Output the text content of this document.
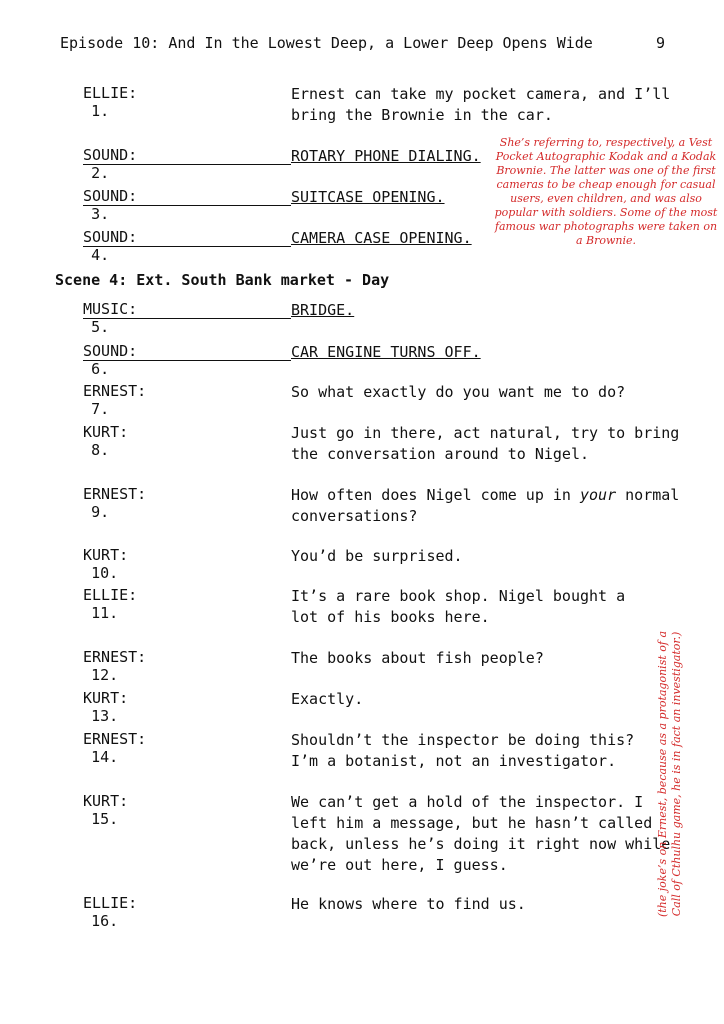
Episode 10: And In the Lowest Deep, a Lower Deep Opens Wide	9

1.

ELLIE:

	Ernest can take my pocket camera, and I’ll bring the Brownie in the car.

2.

SOUND:

	ROTARY PHONE DIALING.

3.

SOUND:

	SUITCASE OPENING.

4.

SOUND:

	CAMERA CASE OPENING.

Scene 4: Ext. South Bank market - Day

5.

MUSIC:

	BRIDGE.

6.

SOUND:

	CAR ENGINE TURNS OFF.

7.

ERNEST:

	So what exactly do you want me to do?

8.

KURT:

	Just go in there, act natural, try to bring the conversation around to Nigel.

9.

ERNEST:

	How often does Nigel come up in your normal conversations?

10.

KURT:

	You’d be surprised.

11.

ELLIE:

	It’s a rare book shop. Nigel bought a lot of his books here.

12.

ERNEST:

	The books about fish people?

13.

KURT:

	Exactly.

14.

ERNEST:

	Shouldn’t the inspector be doing this? I’m a botanist, not an investigator.

15.

KURT:

	We can’t get a hold of the inspector. I left him a message, but he hasn’t called back, unless he’s doing it right now while we’re out here, I guess.

16.

ELLIE:

	He knows where to find us.

She’s referring to, respectively, a Vest Pocket Autographic Kodak and a Kodak Brownie. The latter was one of the first cameras to be cheap enough for casual users, even children, and was also popular with soldiers. Some of the most famous war photographs were taken on a Brownie.
(the joke’s on Ernest, because as a protagonist of a Call of Cthulhu game, he is in fact an investigator.)
